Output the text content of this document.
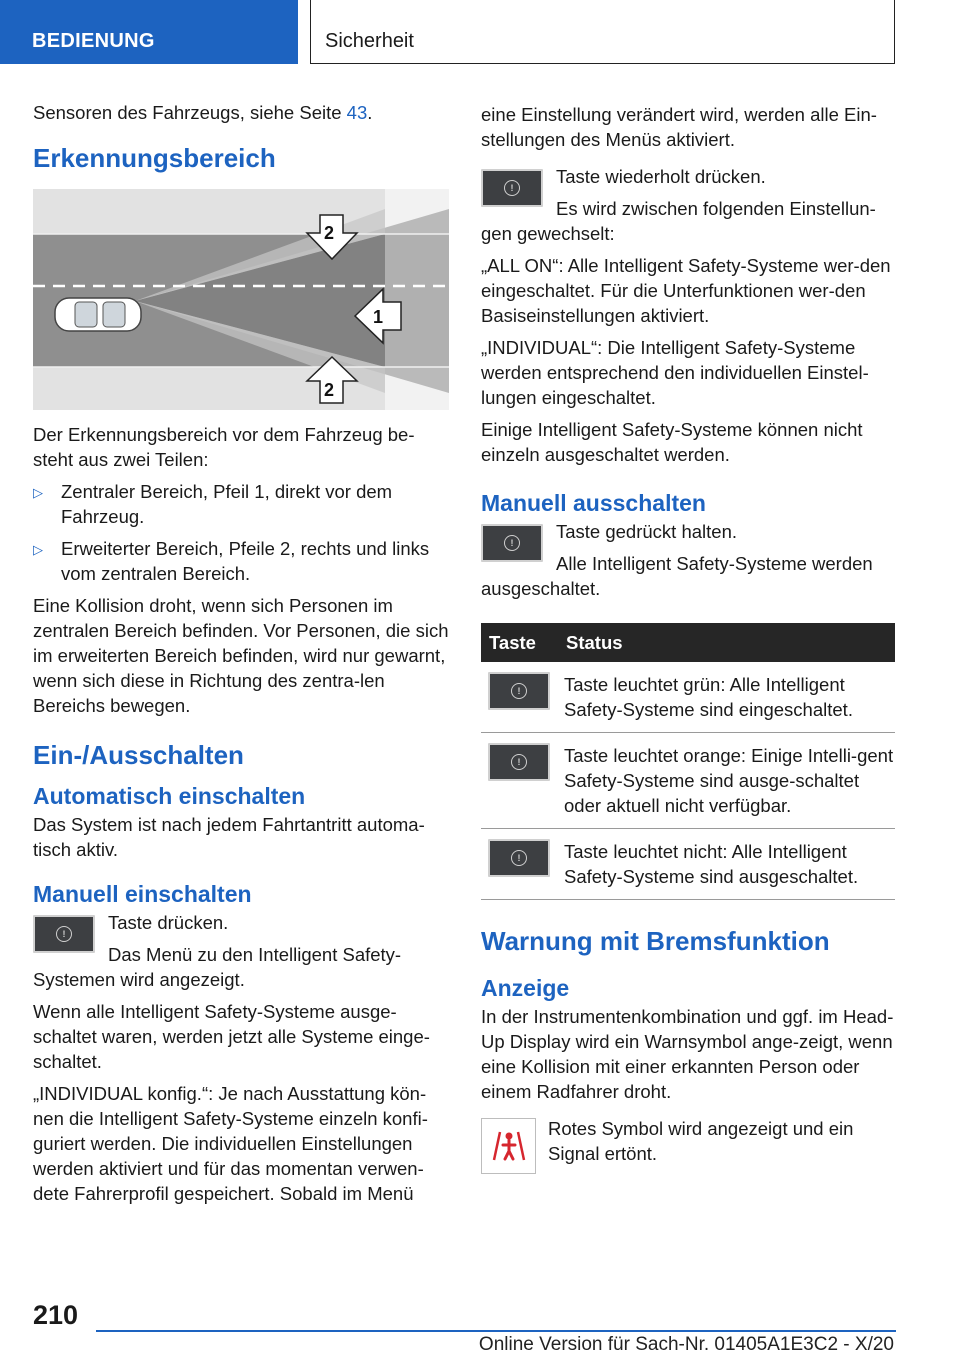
BEDIENUNG	Sicherheit

Sensoren des Fahrzeugs, siehe Seite 43.

Erkennungsbereich
1
2
2

Der Erkennungsbereich vor dem Fahrzeug be-steht aus zwei Teilen:

▷ Zentraler Bereich, Pfeil 1, direkt vor dem Fahrzeug.
▷ Erweiterter Bereich, Pfeile 2, rechts und links vom zentralen Bereich.

Eine Kollision droht, wenn sich Personen im zentralen Bereich befinden. Vor Personen, die sich im erweiterten Bereich befinden, wird nur gewarnt, wenn sich diese in Richtung des zentra-len Bereichs bewegen.

Ein-/Ausschalten
Automatisch einschalten

Das System ist nach jedem Fahrtantritt automa-tisch aktiv.

Manuell einschalten
!

Taste drücken.

Das Menü zu den Intelligent Safety-Systemen wird angezeigt.

Wenn alle Intelligent Safety-Systeme ausge-schaltet waren, werden jetzt alle Systeme einge-schaltet.

„INDIVIDUAL konfig.“: Je nach Ausstattung kön-nen die Intelligent Safety-Systeme einzeln konfi-guriert werden. Die individuellen Einstellungen werden aktiviert und für das momentan verwen-dete Fahrerprofil gespeichert. Sobald im Menü

eine Einstellung verändert wird, werden alle Ein-stellungen des Menüs aktiviert.

!

Taste wiederholt drücken.

Es wird zwischen folgenden Einstellun-gen gewechselt:

„ALL ON“: Alle Intelligent Safety-Systeme wer-den eingeschaltet. Für die Unterfunktionen wer-den Basiseinstellungen aktiviert.

„INDIVIDUAL“: Die Intelligent Safety-Systeme werden entsprechend den individuellen Einstel-lungen eingeschaltet.

Einige Intelligent Safety-Systeme können nicht einzeln ausgeschaltet werden.

Manuell ausschalten
!

Taste gedrückt halten.

Alle Intelligent Safety-Systeme werden ausgeschaltet.

Taste	Status

!	Taste leuchtet grün: Alle Intelligent Safety-Systeme sind eingeschaltet.

!	Taste leuchtet orange: Einige Intelli-gent Safety-Systeme sind ausge-schaltet oder aktuell nicht verfügbar.

!	Taste leuchtet nicht: Alle Intelligent Safety-Systeme sind ausgeschaltet.
Warnung mit Bremsfunktion
Anzeige

In der Instrumentenkombination und ggf. im Head-Up Display wird ein Warnsymbol ange-zeigt, wenn eine Kollision mit einer erkannten Person oder einem Radfahrer droht.

Rotes Symbol wird angezeigt und ein Signal ertönt.

210
Online Version für Sach-Nr. 01405A1E3C2 - X/20
